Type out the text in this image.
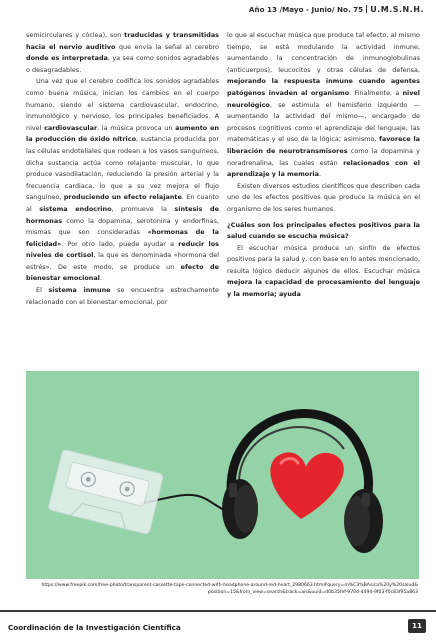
Año 13 /Mayo - Junio/ No. 75 U.M.S.N.H.

semicirculares y cóclea), son traducidas y transmitidas hacia el nervio auditivo que envía la señal al cerebro donde es interpretada, ya sea como sonidos agradables o desagradables.

Una vez que el cerebro codifica los sonidos agradables como buena música, inician los cambios en el cuerpo humano, siendo el sistema cardiovascular, endocrino, inmunológico y nervioso, los principales beneficiados. A nivel cardiovascular, la música provoca un aumento en la producción de óxido nítrico, sustancia producida por las células endoteliales que rodean a los vasos sanguíneos, dicha sustancia actúa como relajante muscular, lo que produce vasodilatación, reduciendo la presión arterial y la frecuencia cardiaca, lo que a su vez mejora el flujo sanguíneo, produciendo un efecto relajante. En cuanto al sistema endocrino, promueve la síntesis de hormonas como la dopamina, serotonina y endorfinas, mismas que son consideradas «hormonas de la felicidad». Por otro lado, puede ayudar a reducir los niveles de cortisol, la que es denominada «hormona del estrés». De este modo, se produce un efecto de bienestar emocional.

El sistema inmune se encuentra estrechamente relacionado con el bienestar emocional, por

lo que al escuchar música que produce tal efecto, al mismo tiempo, se está modulando la actividad inmune, aumentando la concentración de inmunoglobulinas (anticuerpos), leucocitos y otras células de defensa, mejorando la respuesta inmune cuando agentes patógenos invaden al organismo. Finalmente, a nivel neurológico, se estimula el hemisferio izquierdo —aumentando la actividad del mismo—, encargado de procesos cognitivos como el aprendizaje del lenguaje, las matemáticas y el uso de la lógica; asimismo, favorece la liberación de neurotransmisores como la dopamina y noradrenalina, las cuales están relacionados con el aprendizaje y la memoria.

Existen diversos estudios científicos que describen cada uno de los efectos positivos que produce la música en el organismo de los seres humanos.

¿Cuáles son los principales efectos positivos para la salud cuando se escucha música?

El escuchar música produce un sinfín de efectos positivos para la salud y, con base en lo antes mencionado, resulta lógico deducir algunos de ellos. Escuchar música mejora la capacidad de procesamiento del lenguaje y la memoria; ayuda

https://www.freepik.com/free-photo/transparent-cassette-tape-connected-with-headphone-around-red-heart_2980663.htm#query=m%C3%BAsica%20y%20salud&position=15&from_view=search&track=ais&uuid=d0b35fef-970d-4494-9f03-f0c83f95a863
Coordinación de la Investigación Científica	11
